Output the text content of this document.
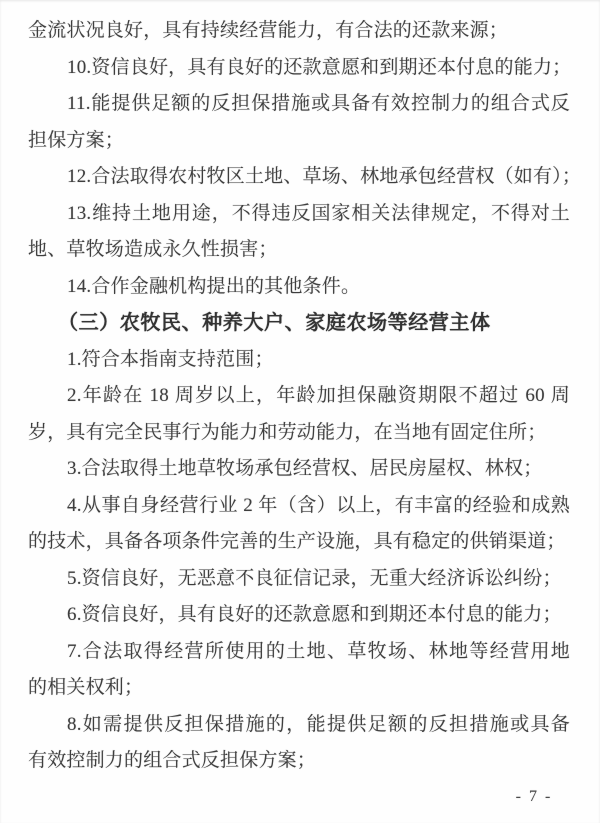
金流状况良好，具有持续经营能力，有合法的还款来源；
10.资信良好，具有良好的还款意愿和到期还本付息的能力；
11.能提供足额的反担保措施或具备有效控制力的组合式反
担保方案；
12.合法取得农村牧区土地、草场、林地承包经营权（如有）；
13.维持土地用途，不得违反国家相关法律规定，不得对土
地、草牧场造成永久性损害；
14.合作金融机构提出的其他条件。
（三）农牧民、种养大户、家庭农场等经营主体
1.符合本指南支持范围；
2.年龄在 18 周岁以上，年龄加担保融资期限不超过 60 周
岁，具有完全民事行为能力和劳动能力，在当地有固定住所；
3.合法取得土地草牧场承包经营权、居民房屋权、林权；
4.从事自身经营行业 2 年（含）以上，有丰富的经验和成熟
的技术，具备各项条件完善的生产设施，具有稳定的供销渠道；
5.资信良好，无恶意不良征信记录，无重大经济诉讼纠纷；
6.资信良好，具有良好的还款意愿和到期还本付息的能力；
7.合法取得经营所使用的土地、草牧场、林地等经营用地
的相关权利；
8.如需提供反担保措施的，能提供足额的反担措施或具备
有效控制力的组合式反担保方案；
- 7 -
